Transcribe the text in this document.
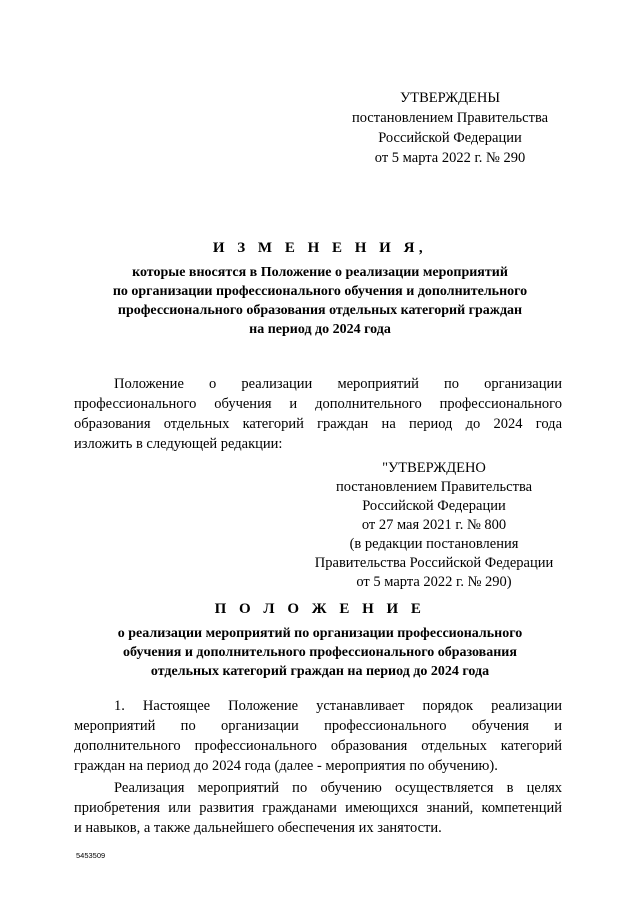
УТВЕРЖДЕНЫ
постановлением Правительства
Российской Федерации
от 5 марта 2022 г. № 290
И З М Е Н Е Н И Я,
которые вносятся в Положение о реализации мероприятий
по организации профессионального обучения и дополнительного
профессионального образования отдельных категорий граждан
на период до 2024 года
Положение о реализации мероприятий по организации
профессионального обучения и дополнительного профессионального
образования отдельных категорий граждан на период до 2024 года
изложить в следующей редакции:
"УТВЕРЖДЕНО
постановлением Правительства
Российской Федерации
от 27 мая 2021 г. № 800
(в редакции постановления
Правительства Российской Федерации
от 5 марта 2022 г. № 290)
П О Л О Ж Е Н И Е
о реализации мероприятий по организации профессионального
обучения и дополнительного профессионального образования
отдельных категорий граждан на период до 2024 года
1. Настоящее Положение устанавливает порядок реализации
мероприятий по организации профессионального обучения и
дополнительного профессионального образования отдельных категорий
граждан на период до 2024 года (далее - мероприятия по обучению).
Реализация мероприятий по обучению осуществляется в целях
приобретения или развития гражданами имеющихся знаний, компетенций
и навыков, а также дальнейшего обеспечения их занятости.
5453509
